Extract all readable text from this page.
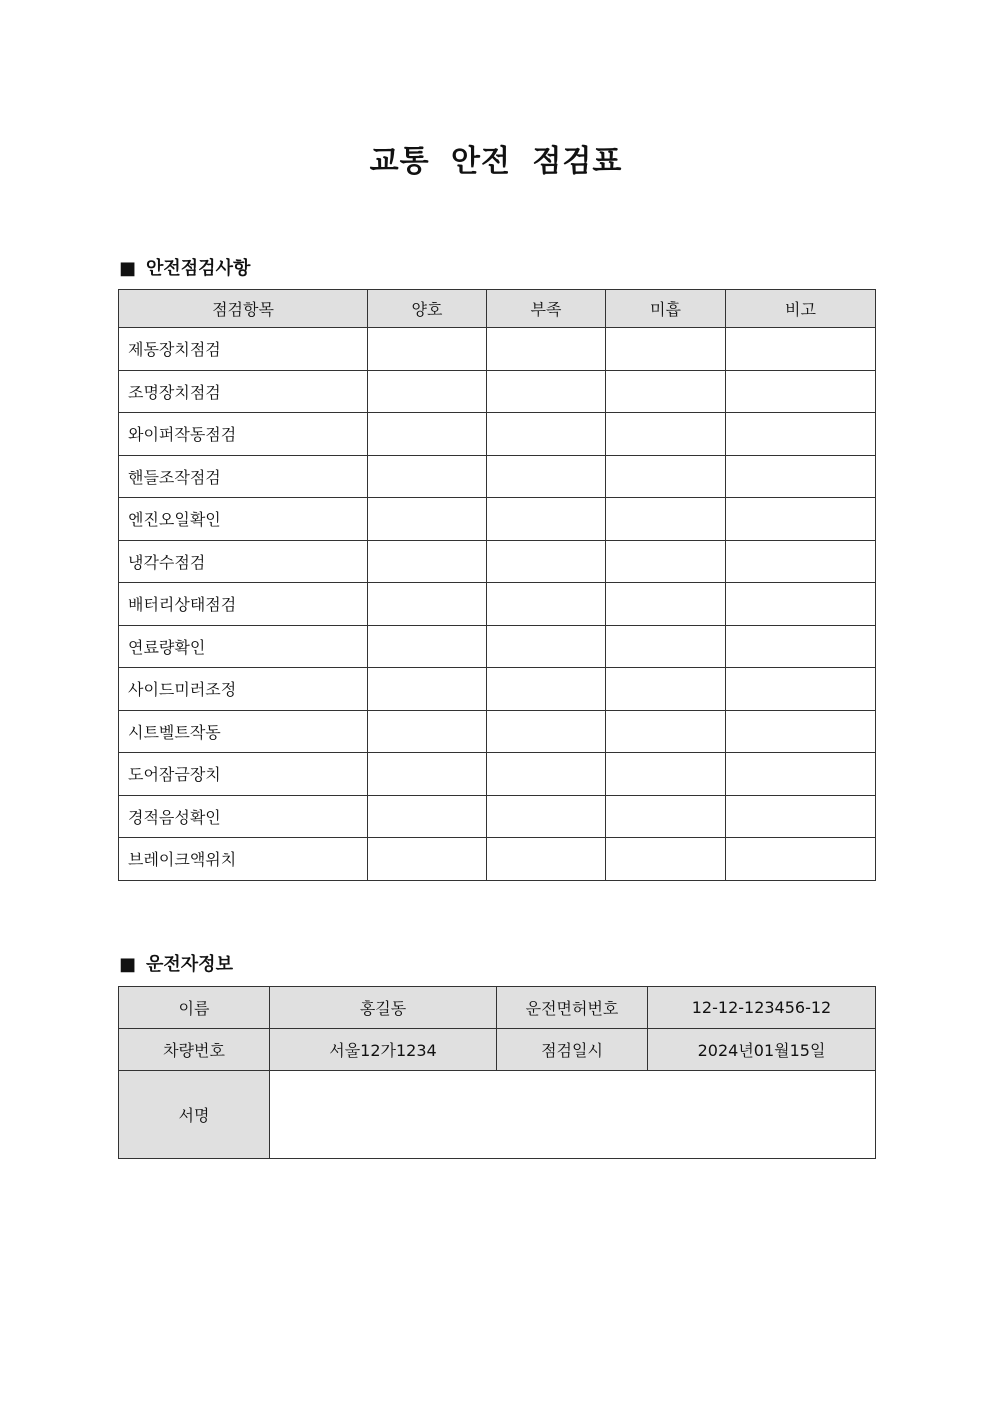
교통 안전 점검표
■ 안전점검사항
점검항목	양호	부족	미흡	비고
제동장치점검				
조명장치점검				
와이퍼작동점검				
핸들조작점검				
엔진오일확인				
냉각수점검				
배터리상태점검				
연료량확인				
사이드미러조정				
시트벨트작동				
도어잠금장치				
경적음성확인				
브레이크액위치				
■ 운전자정보
이름	홍길동	운전면허번호	12-12-123456-12
차량번호	서울12가1234	점검일시	2024년01월15일
서명			
